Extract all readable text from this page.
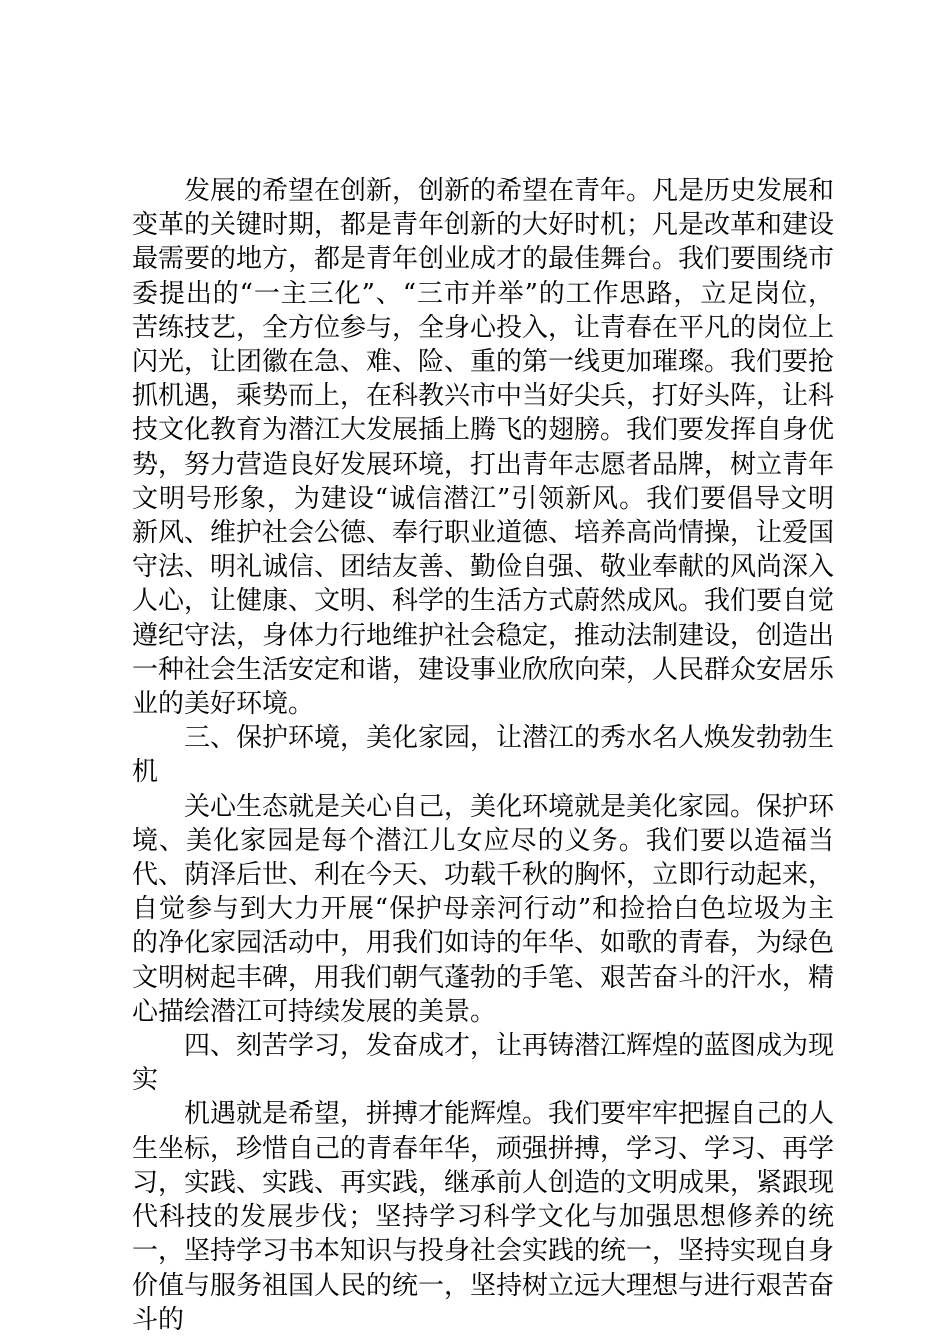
发展的希望在创新，创新的希望在青年。凡是历史发展和变革的关键时期，都是青年创新的大好时机；凡是改革和建设最需要的地方，都是青年创业成才的最佳舞台。我们要围绕市委提出的“一主三化”、“三市并举”的工作思路，立足岗位，苦练技艺，全方位参与，全身心投入，让青春在平凡的岗位上闪光，让团徽在急、难、险、重的第一线更加璀璨。我们要抢抓机遇，乘势而上，在科教兴市中当好尖兵，打好头阵，让科技文化教育为潜江大发展插上腾飞的翅膀。我们要发挥自身优势，努力营造良好发展环境，打出青年志愿者品牌，树立青年文明号形象，为建设“诚信潜江”引领新风。我们要倡导文明新风、维护社会公德、奉行职业道德、培养高尚情操，让爱国守法、明礼诚信、团结友善、勤俭自强、敬业奉献的风尚深入人心，让健康、文明、科学的生活方式蔚然成风。我们要自觉遵纪守法，身体力行地维护社会稳定，推动法制建设，创造出一种社会生活安定和谐，建设事业欣欣向荣，人民群众安居乐业的美好环境。

三、保护环境，美化家园，让潜江的秀水名人焕发勃勃生机

关心生态就是关心自己，美化环境就是美化家园。保护环境、美化家园是每个潜江儿女应尽的义务。我们要以造福当代、荫泽后世、利在今天、功载千秋的胸怀，立即行动起来，自觉参与到大力开展“保护母亲河行动”和捡拾白色垃圾为主的净化家园活动中，用我们如诗的年华、如歌的青春，为绿色文明树起丰碑，用我们朝气蓬勃的手笔、艰苦奋斗的汗水，精心描绘潜江可持续发展的美景。

四、刻苦学习，发奋成才，让再铸潜江辉煌的蓝图成为现实

机遇就是希望，拼搏才能辉煌。我们要牢牢把握自己的人生坐标，珍惜自己的青春年华，顽强拼搏，学习、学习、再学习，实践、实践、再实践，继承前人创造的文明成果，紧跟现代科技的发展步伐；坚持学习科学文化与加强思想修养的统一，坚持学习书本知识与投身社会实践的统一，坚持实现自身价值与服务祖国人民的统一，坚持树立远大理想与进行艰苦奋斗的
